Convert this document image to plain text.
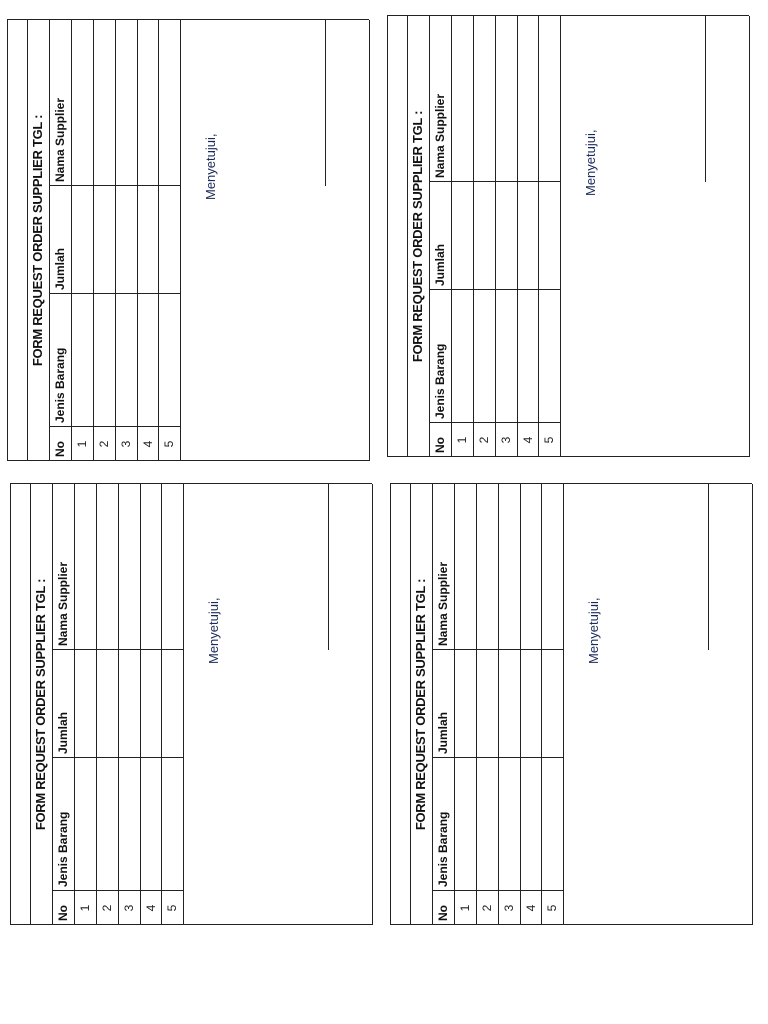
FORM REQUEST ORDER SUPPLIER TGL :
No
Jenis Barang
Jumlah
Nama Supplier
1 2 3 4 5
Menyetujui,	FORM REQUEST ORDER SUPPLIER TGL :
No
Jenis Barang
Jumlah
Nama Supplier
1 2 3 4 5
Menyetujui,
FORM REQUEST ORDER SUPPLIER TGL :
No
Jenis Barang
Jumlah
Nama Supplier
1 2 3 4 5
Menyetujui,	FORM REQUEST ORDER SUPPLIER TGL :
No
Jenis Barang
Jumlah
Nama Supplier
1 2 3 4 5
Menyetujui,
